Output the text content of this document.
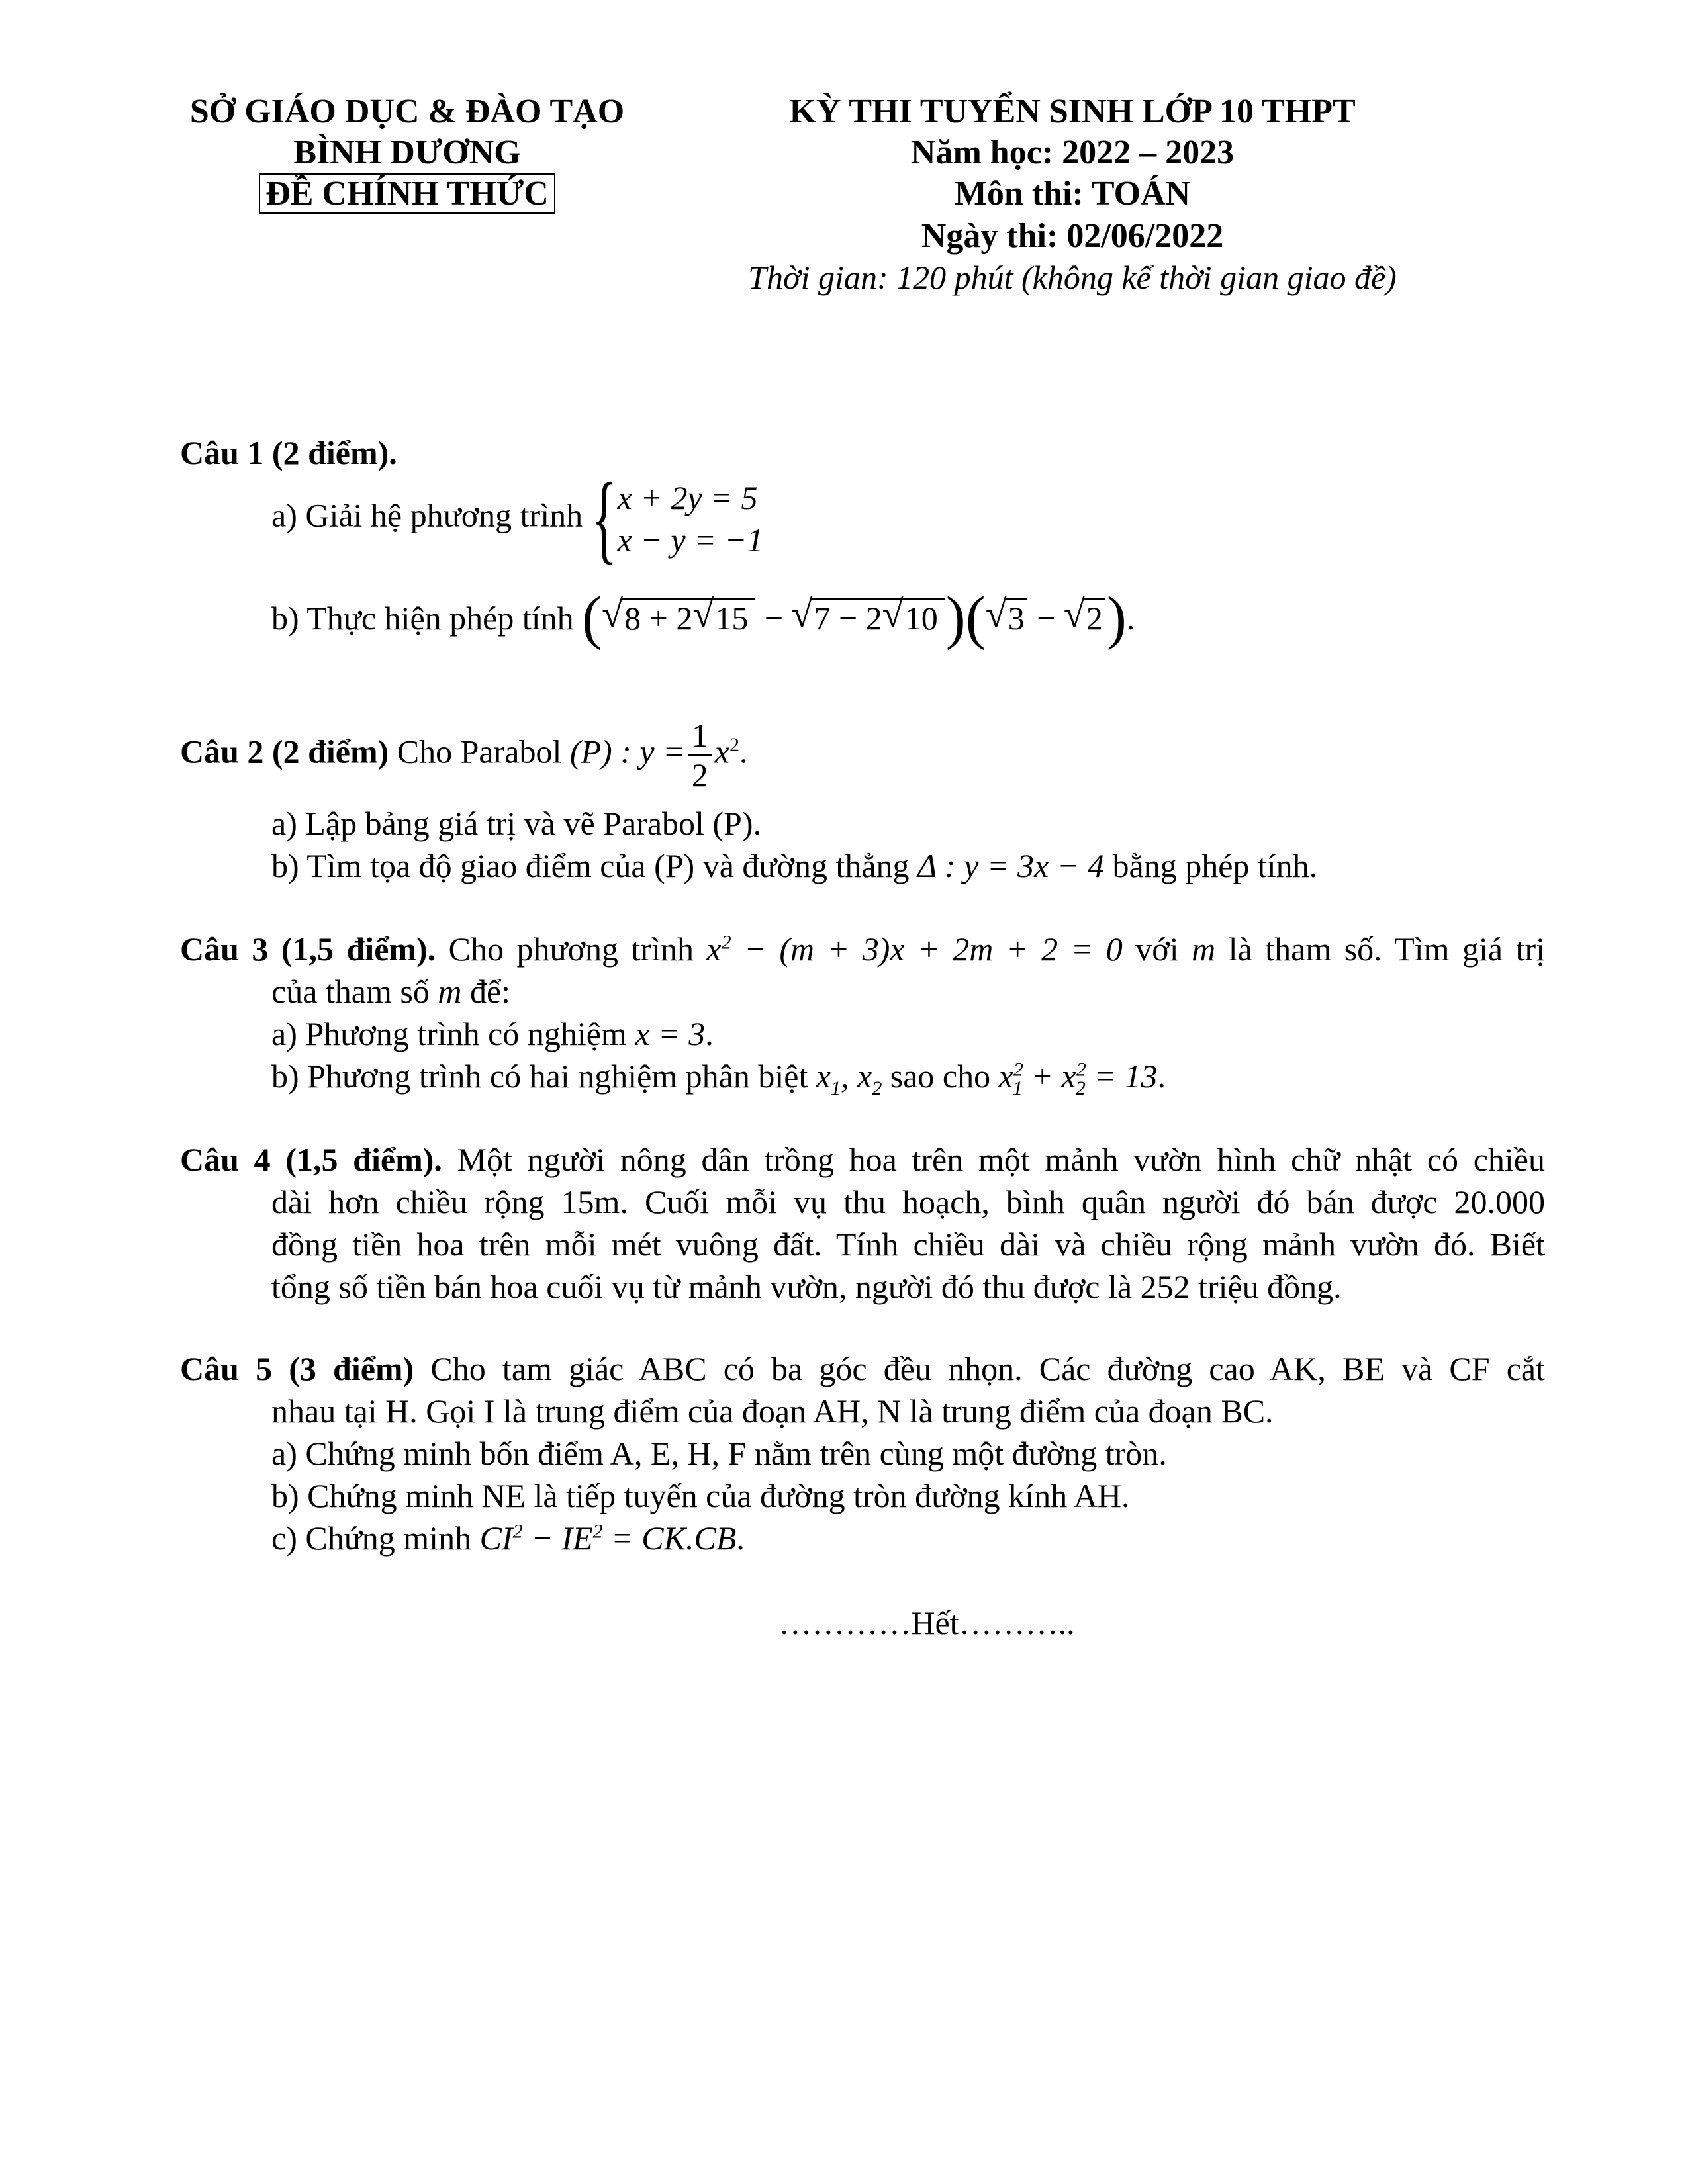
SỞ GIÁO DỤC & ĐÀO TẠO
BÌNH DƯƠNG
ĐỀ CHÍNH THỨC
KỲ THI TUYỂN SINH LỚP 10 THPT
Năm học: 2022 – 2023
Môn thi: TOÁN
Ngày thi: 02/06/2022
Thời gian: 120 phút (không kể thời gian giao đề)
Câu 1 (2 điểm).
a) Giải hệ phương trình { x + 2y = 5
x − y = −1
b) Thực hiện phép tính ( √ 8 + 2 √ 15 − √ 7 − 2 √ 10 )( √ 3 − √ 2).
Câu 2 (2 điểm) Cho Parabol (P) : $y = \frac{1}{2} x^2$.
a) Lập bảng giá trị và vẽ Parabol (P).
b) Tìm tọa độ giao điểm của (P) và đường thẳng Δ : y = 3x − 4 bằng phép tính.
Câu 3 (1,5 điểm). Cho phương trình $x^2 - (m + 3)x + 2m + 2 = 0$ với m là tham số. Tìm giá trị
của tham số m để:
a) Phương trình có nghiệm x = 3.
b) Phương trình có hai nghiệm phân biệt $x_1$, $x_2$ sao cho $x^2_1 + x^2_2 = 13$.
Câu 4 (1,5 điểm). Một người nông dân trồng hoa trên một mảnh vườn hình chữ nhật có chiều
dài hơn chiều rộng 15m. Cuối mỗi vụ thu hoạch, bình quân người đó bán được 20.000
đồng tiền hoa trên mỗi mét vuông đất. Tính chiều dài và chiều rộng mảnh vườn đó. Biết
tổng số tiền bán hoa cuối vụ từ mảnh vườn, người đó thu được là 252 triệu đồng.
Câu 5 (3 điểm) Cho tam giác ABC có ba góc đều nhọn. Các đường cao AK, BE và CF cắt
nhau tại H. Gọi I là trung điểm của đoạn AH, N là trung điểm của đoạn BC.
a) Chứng minh bốn điểm A, E, H, F nằm trên cùng một đường tròn.
b) Chứng minh NE là tiếp tuyến của đường tròn đường kính AH.
c) Chứng minh $CI^2 - IE^2 = CK.CB$.
…………Hết………..
